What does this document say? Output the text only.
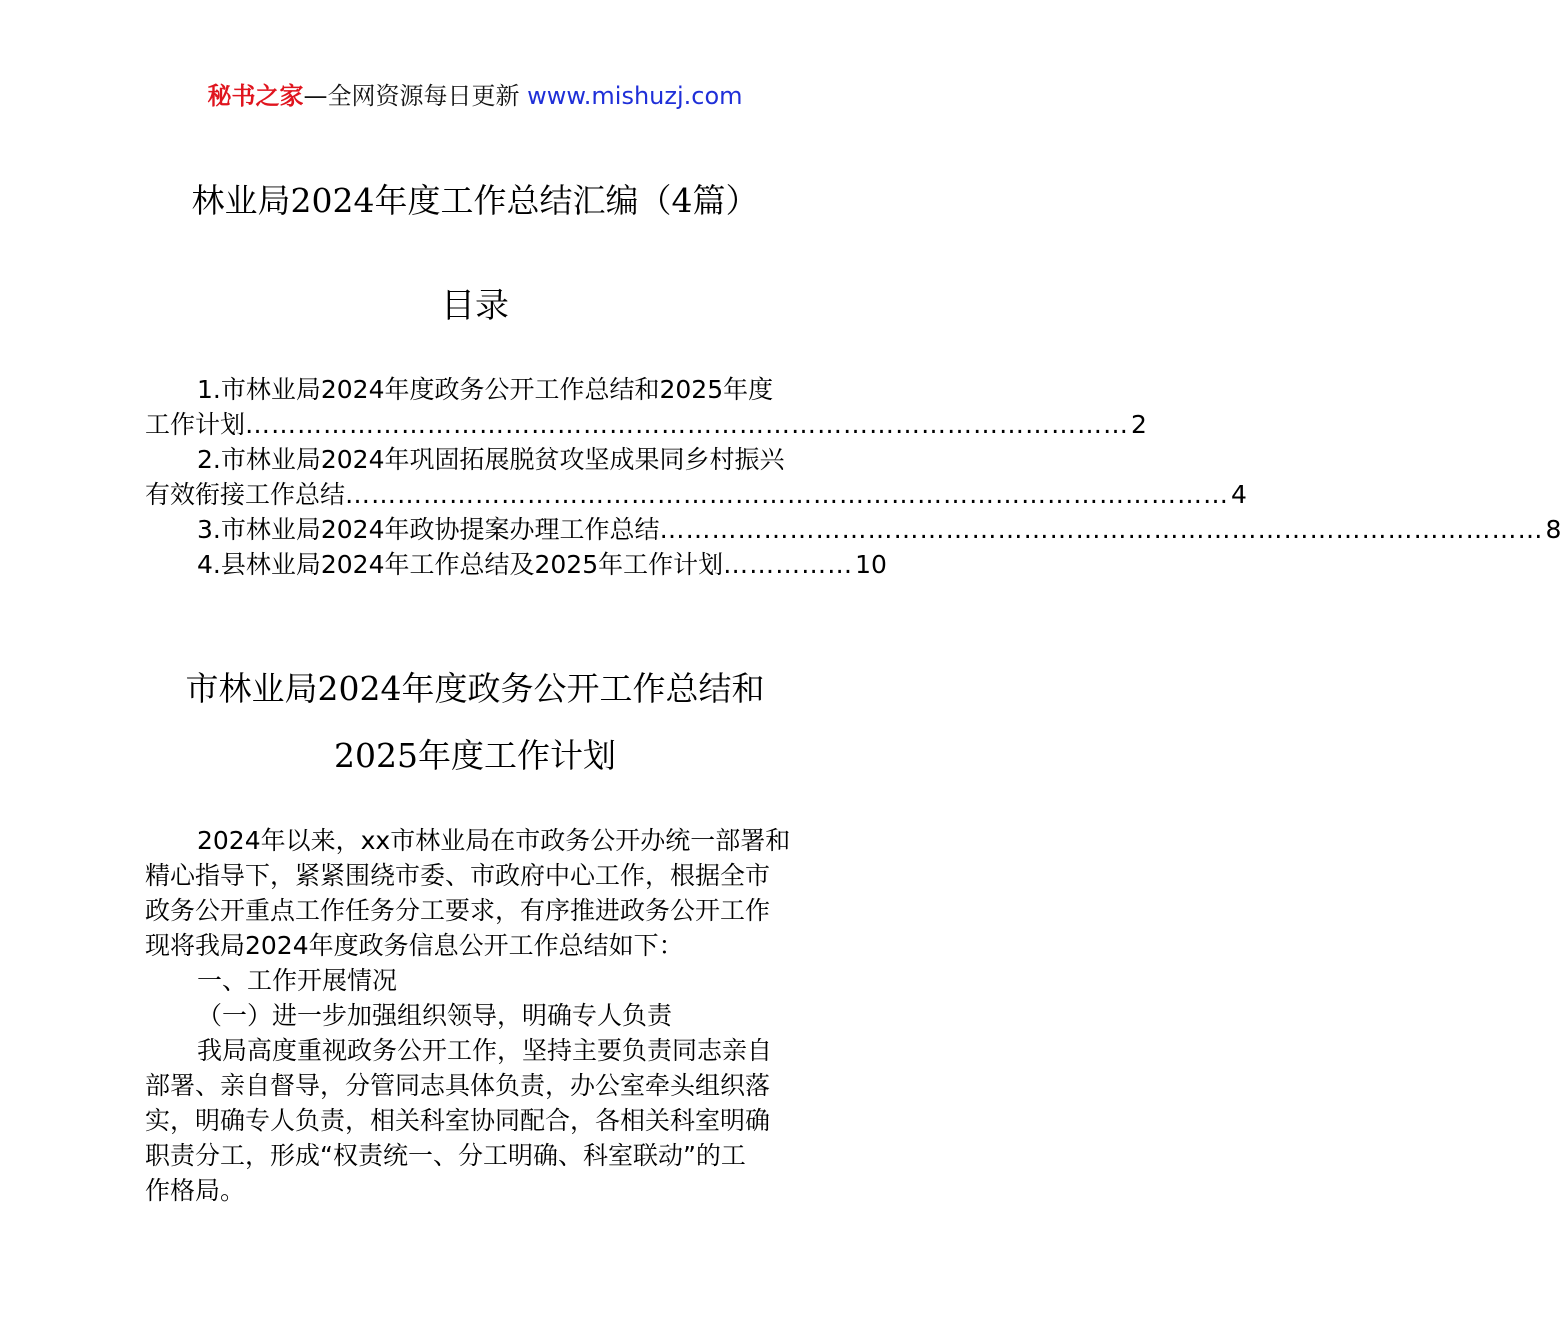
秘书之家—全网资源每日更新 www.mishuzj.com
林业局2024年度工作总结汇编（4篇）
目录
1.市林业局2024年度政务公开工作总结和2025年度
工作计划 ………………………………………………………………………………………… 2
2.市林业局2024年巩固拓展脱贫攻坚成果同乡村振兴
有效衔接工作总结 ………………………………………………………………………………………… 4
3.市林业局2024年政协提案办理工作总结 ………………………………………………………………………………………… 8
4.县林业局2024年工作总结及2025年工作计划 …………… 10
市林业局2024年度政务公开工作总结和
2025年度工作计划
2024年以来，xx市林业局在市政务公开办统一部署和
精心指导下，紧紧围绕市委、市政府中心工作，根据全市
政务公开重点工作任务分工要求，有序推进政务公开工作
现将我局2024年度政务信息公开工作总结如下：
一、工作开展情况
（一）进一步加强组织领导，明确专人负责
我局高度重视政务公开工作，坚持主要负责同志亲自
部署、亲自督导，分管同志具体负责，办公室牵头组织落
实，明确专人负责，相关科室协同配合，各相关科室明确
职责分工，形成“权责统一、分工明确、科室联动”的工
作格局。
